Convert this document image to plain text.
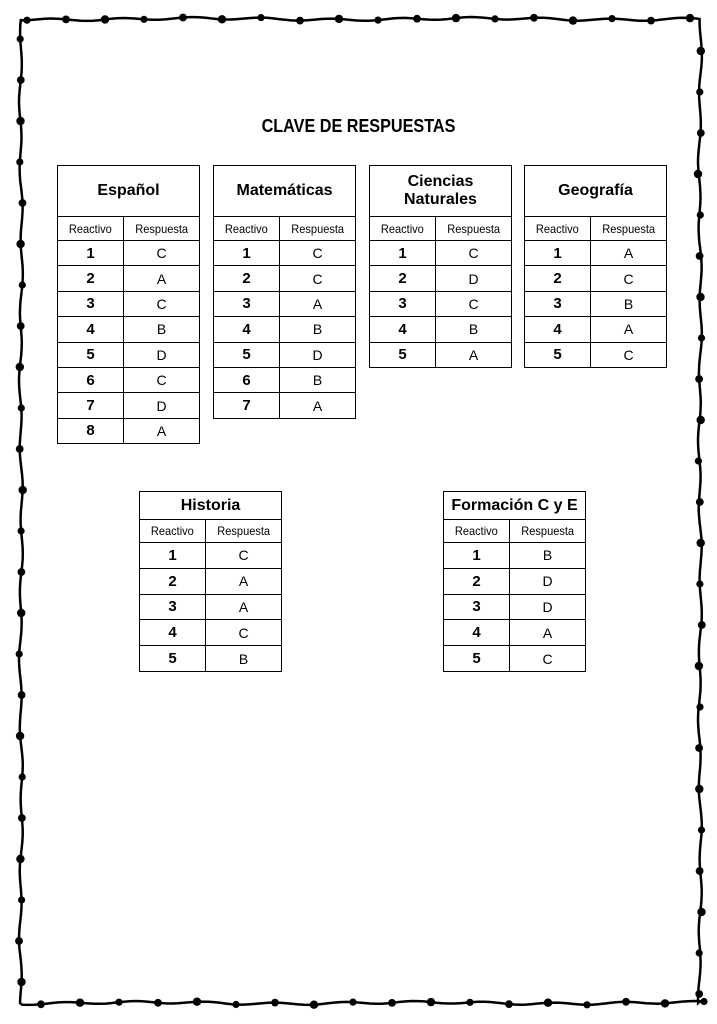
CLAVE DE RESPUESTAS
Español	
Reactivo	Respuesta
1	C
2	A
3	C
4	B
5	D
6	C
7	D
8	A
Matemáticas	
Reactivo	Respuesta
1	C
2	C
3	A
4	B
5	D
6	B
7	A
Ciencias Naturales	
Reactivo	Respuesta
1	C
2	D
3	C
4	B
5	A
Geografía	
Reactivo	Respuesta
1	A
2	C
3	B
4	A
5	C
Historia	
Reactivo	Respuesta
1	C
2	A
3	A
4	C
5	B
Formación C y E	
Reactivo	Respuesta
1	B
2	D
3	D
4	A
5	C
